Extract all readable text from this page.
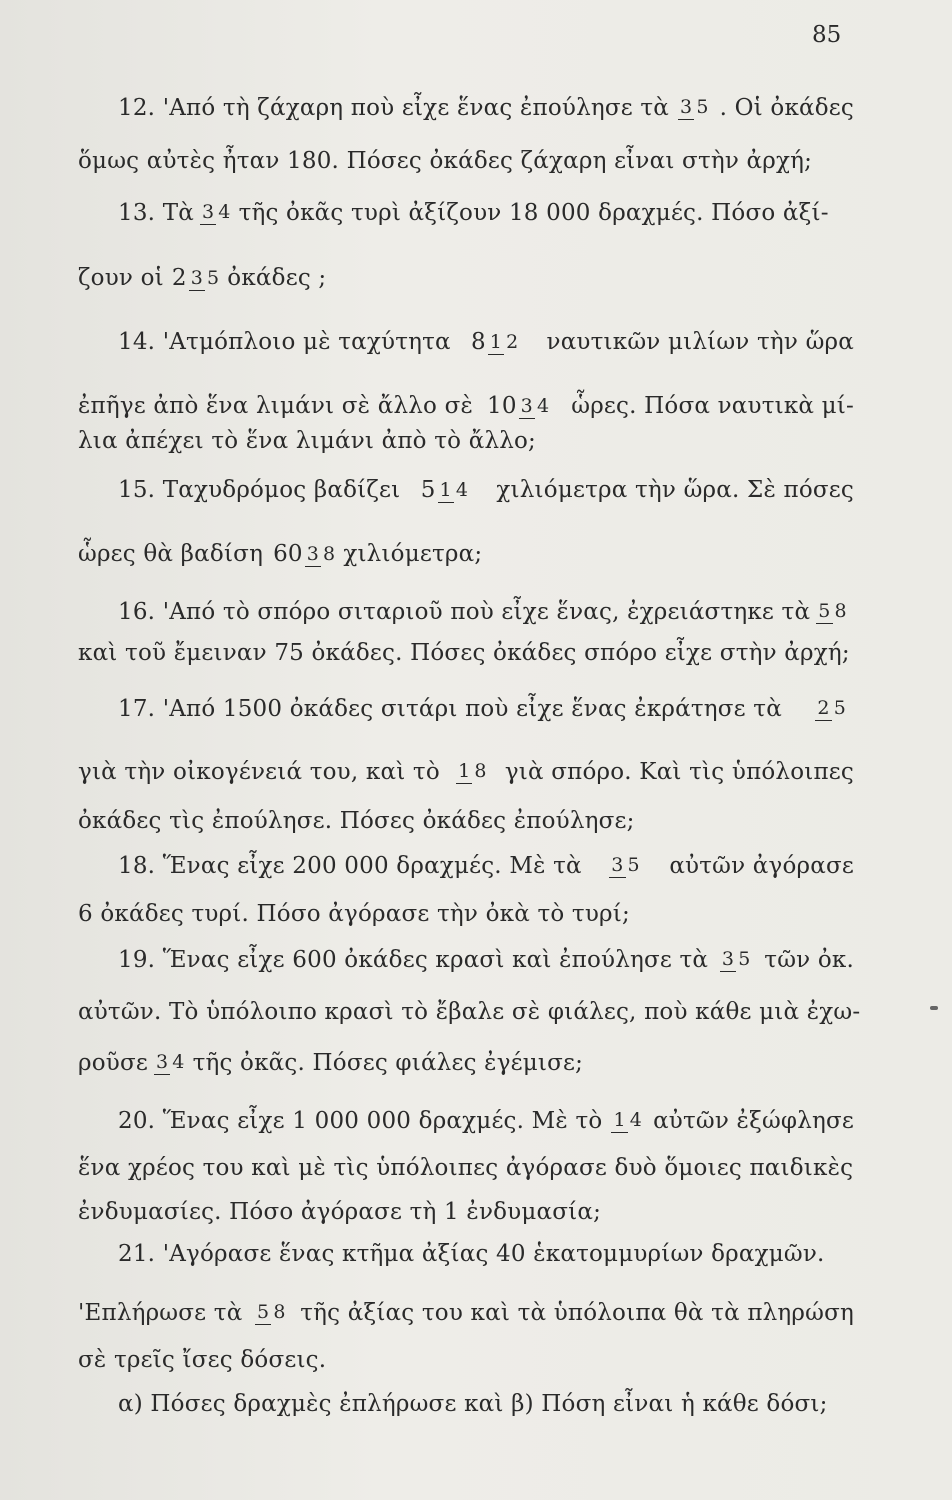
85
12. 'Από τὴ ζάχαρη ποὺ εἶχε ἕνας ἐπούλησε τὰ 3 5 . Οἱ ὀκάδες
ὅμως αὐτὲς ἦταν 180. Πόσες ὀκάδες ζάχαρη εἶναι στὴν ἀρχή;
13. Τὰ 3 4 τῆς ὀκᾶς τυρὶ ἀξίζουν 18 000 δραχμές. Πόσο ἀξί-
ζουν οἱ 2 3 5 ὀκάδες ;
14. 'Ατμόπλοιο μὲ ταχύτητα 8 1 2	ναυτικῶν μιλίων τὴν ὥρα
ἐπῆγε ἀπὸ ἕνα λιμάνι σὲ ἄλλο σὲ 10 3 4 ὧρες. Πόσα ναυτικὰ μί-
λια ἀπέχει τὸ ἕνα λιμάνι ἀπὸ τὸ ἄλλο;
15. Ταχυδρόμος βαδίζει 5 1 4	χιλιόμετρα τὴν ὥρα. Σὲ πόσες
ὧρες θὰ βαδίση 60 3 8 χιλιόμετρα;
16. 'Από τὸ σπόρο σιταριοῦ ποὺ εἶχε ἕνας, ἐχρειάστηκε τὰ 5 8
καὶ τοῦ ἔμειναν 75 ὀκάδες. Πόσες ὀκάδες σπόρο εἶχε στὴν ἀρχή;
17. 'Από 1500 ὀκάδες σιτάρι ποὺ εἶχε ἕνας ἐκράτησε τὰ 2 5
γιὰ τὴν οἰκογένειά του, καὶ τὸ 1 8 γιὰ σπόρο. Καὶ τὶς ὑπόλοιπες
ὀκάδες τὶς ἐπούλησε. Πόσες ὀκάδες ἐπούλησε;
18. Ἕνας εἶχε 200 000 δραχμές. Μὲ τὰ 3 5 αὐτῶν ἀγόρασε
6 ὀκάδες τυρί. Πόσο ἀγόρασε τὴν ὀκὰ τὸ τυρί;
19. Ἕνας εἶχε 600 ὀκάδες κρασὶ καὶ ἐπούλησε τὰ 3 5 τῶν ὀκ.
αὐτῶν. Τὸ ὑπόλοιπο κρασὶ τὸ ἔβαλε σὲ φιάλες, ποὺ κάθε μιὰ ἐχω-
ροῦσε 3 4 τῆς ὀκᾶς. Πόσες φιάλες ἐγέμισε;
20. Ἕνας εἶχε 1 000 000 δραχμές. Μὲ τὸ 1 4 αὐτῶν ἐξώφλησε
ἕνα χρέος του καὶ μὲ τὶς ὑπόλοιπες ἀγόρασε δυὸ ὅμοιες παιδικὲς
ἐνδυμασίες. Πόσο ἀγόρασε τὴ 1 ἐνδυμασία;
21. 'Αγόρασε ἕνας κτῆμα ἀξίας 40 ἑκατομμυρίων δραχμῶν.
'Επλήρωσε τὰ 5 8 τῆς ἀξίας του καὶ τὰ ὑπόλοιπα θὰ τὰ πληρώση
σὲ τρεῖς ἴσες δόσεις.
α) Πόσες δραχμὲς ἐπλήρωσε καὶ β) Πόση εἶναι ἡ κάθε δόσι;
